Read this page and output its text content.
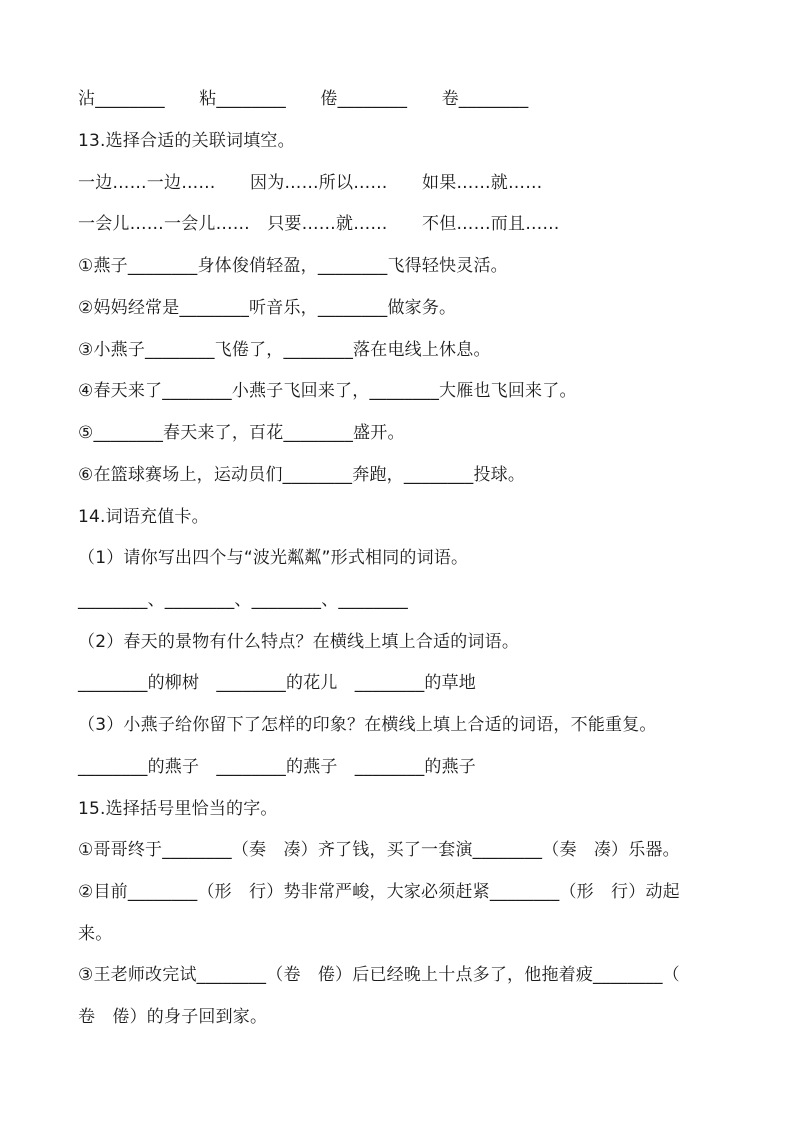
沾________　　粘________　　倦________　　卷________
13.选择合适的关联词填空。
一边……一边……　　因为……所以……　　如果……就……
一会儿……一会儿……　只要……就……　　不但……而且……
①燕子________身体俊俏轻盈，________飞得轻快灵活。
②妈妈经常是________听音乐，________做家务。
③小燕子________飞倦了，________落在电线上休息。
④春天来了________小燕子飞回来了，________大雁也飞回来了。
⑤________春天来了，百花________盛开。
⑥在篮球赛场上，运动员们________奔跑，________投球。
14.词语充值卡。
（1）请你写出四个与“波光粼粼”形式相同的词语。
________、________、________、________
（2）春天的景物有什么特点？在横线上填上合适的词语。
________的柳树　________的花儿　________的草地
（3）小燕子给你留下了怎样的印象？在横线上填上合适的词语，不能重复。
________的燕子　________的燕子　________的燕子
15.选择括号里恰当的字。
①哥哥终于________（奏　凑）齐了钱，买了一套演________（奏　凑）乐器。
②目前________（形　行）势非常严峻，大家必须赶紧________（形　行）动起
来。
③王老师改完试________（卷　倦）后已经晚上十点多了，他拖着疲________（
卷　倦）的身子回到家。
